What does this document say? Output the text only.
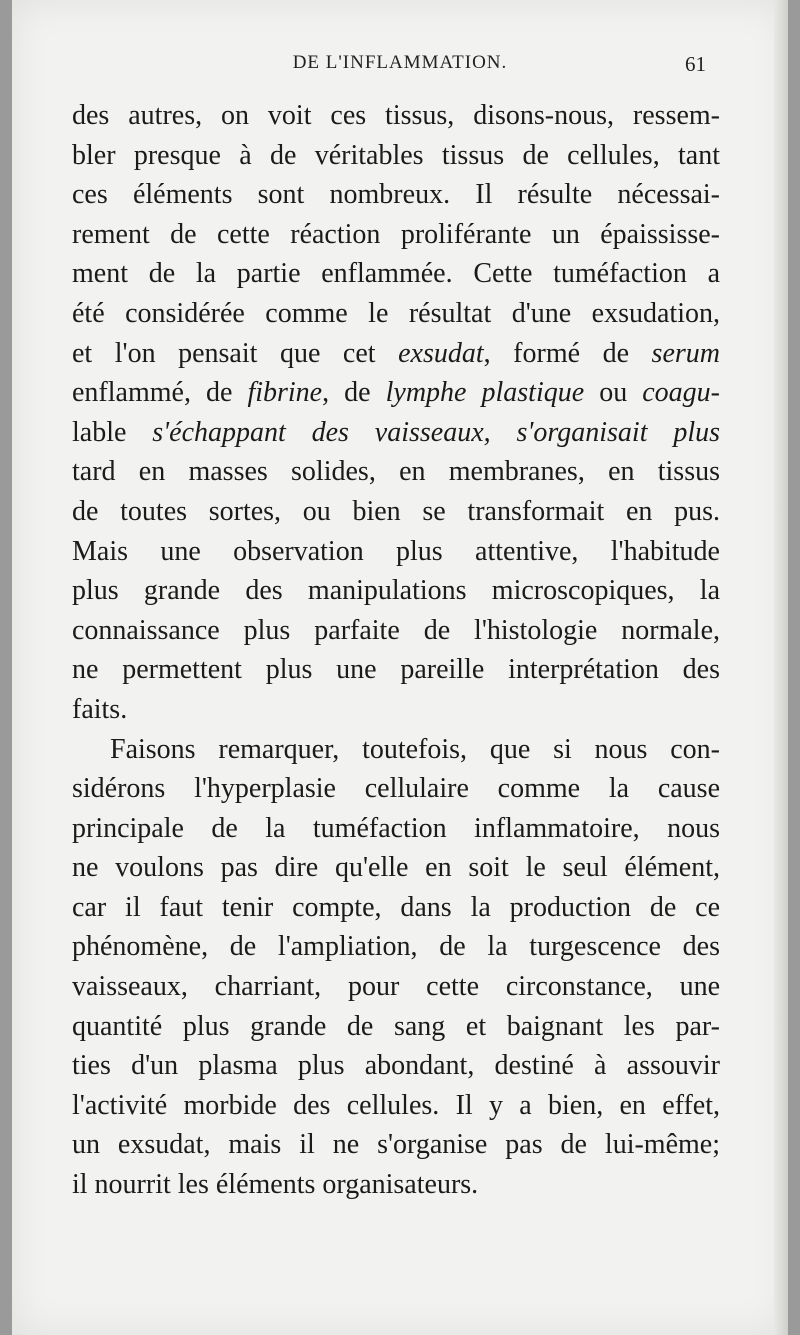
DE L'INFLAMMATION.	61
des autres, on voit ces tissus, disons-nous, ressem-
bler presque à de véritables tissus de cellules, tant
ces éléments sont nombreux. Il résulte nécessai-
rement de cette réaction proliférante un épaississe-
ment de la partie enflammée. Cette tuméfaction a
été considérée comme le résultat d'une exsudation,
et l'on pensait que cet exsudat, formé de serum
enflammé, de fibrine, de lymphe plastique ou coagu-
lable s'échappant des vaisseaux, s'organisait plus
tard en masses solides, en membranes, en tissus
de toutes sortes, ou bien se transformait en pus.
Mais une observation plus attentive, l'habitude
plus grande des manipulations microscopiques, la
connaissance plus parfaite de l'histologie normale,
ne permettent plus une pareille interprétation des
faits.
Faisons remarquer, toutefois, que si nous con-
sidérons l'hyperplasie cellulaire comme la cause
principale de la tuméfaction inflammatoire, nous
ne voulons pas dire qu'elle en soit le seul élément,
car il faut tenir compte, dans la production de ce
phénomène, de l'ampliation, de la turgescence des
vaisseaux, charriant, pour cette circonstance, une
quantité plus grande de sang et baignant les par-
ties d'un plasma plus abondant, destiné à assouvir
l'activité morbide des cellules. Il y a bien, en effet,
un exsudat, mais il ne s'organise pas de lui-même;
il nourrit les éléments organisateurs.
